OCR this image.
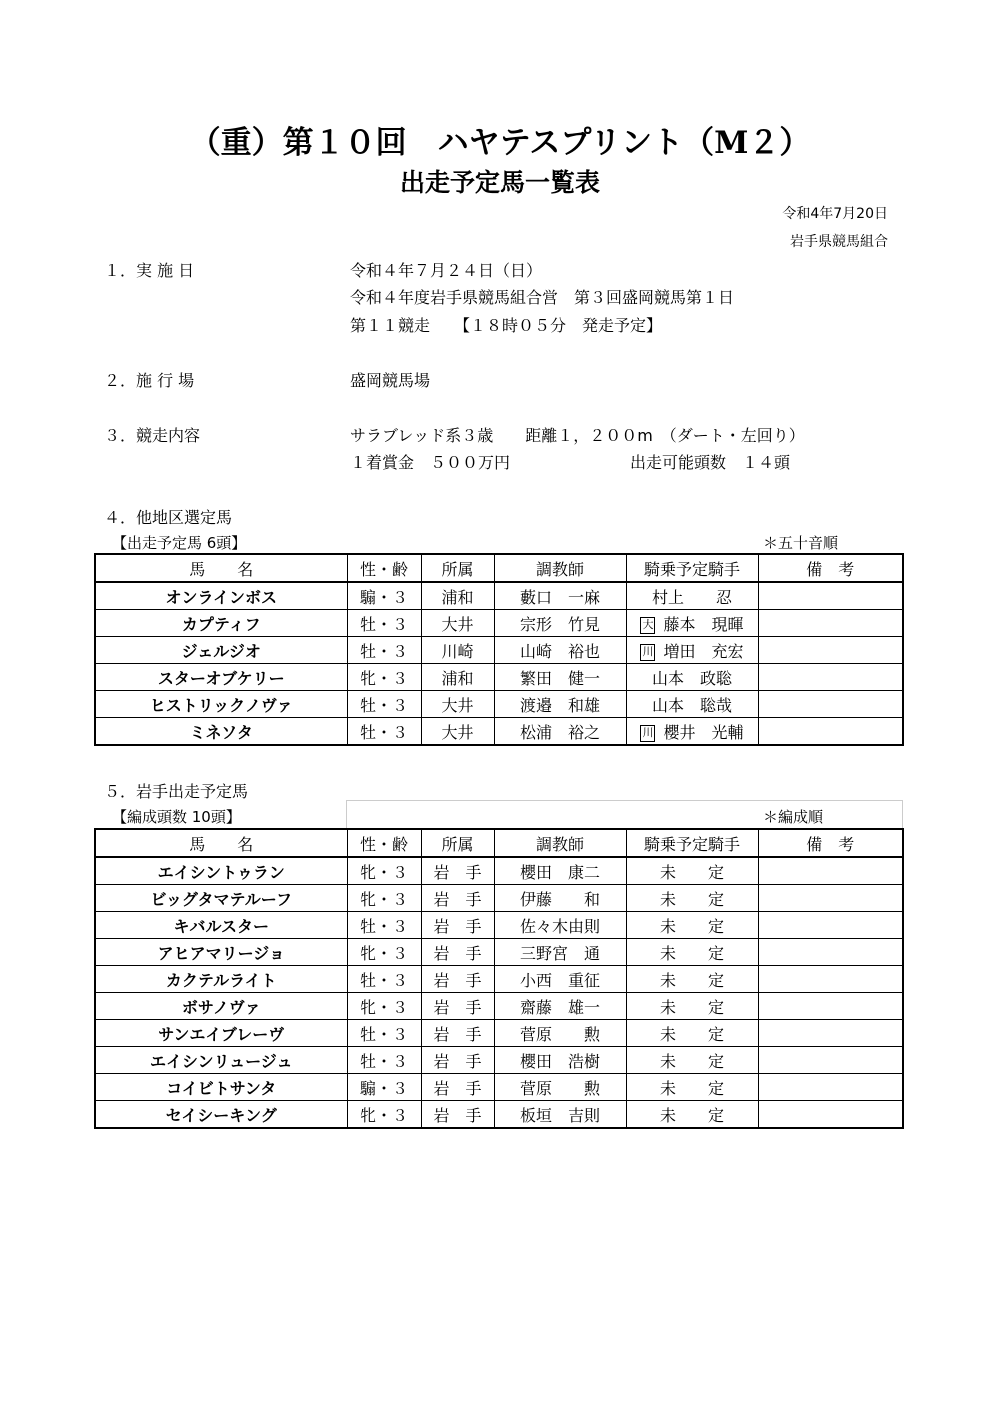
（重）第１０回　ハヤテスプリント（M２）
出走予定馬一覧表
令和4年7月20日
岩手県競馬組合
１．実 施 日	令和４年７月２４日（日）
令和４年度岩手県競馬組合営　第３回盛岡競馬第１日
第１１競走　　【１８時０５分　発走予定】
２．施 行 場	盛岡競馬場
３．競走内容	サラブレッド系３歳　　距離１，２００m　（ダート・左回り）
１着賞金　５００万円	出走可能頭数　１４頭
４．他地区選定馬
【出走予定馬 6頭】	＊五十音順
馬　　名	性・齢	所属	調教師	騎乗予定騎手	備　考
オンラインボス	騸・３	浦和	藪口　一麻	村上　　忍	
カプティフ	牡・３	大井	宗形　竹見	大 藤本　現暉	
ジェルジオ	牡・３	川崎	山崎　裕也	川 増田　充宏	
スターオブケリー	牝・３	浦和	繁田　健一	山本　政聡	
ヒストリックノヴァ	牡・３	大井	渡邉　和雄	山本　聡哉	
ミネソタ	牡・３	大井	松浦　裕之	川 櫻井　光輔	
５．岩手出走予定馬
【編成頭数 10頭】	＊編成順
馬　　名	性・齢	所属	調教師	騎乗予定騎手	備　考
エイシントゥラン	牝・３	岩　手	櫻田　康二	未　　定	
ビッグタマテルーフ	牝・３	岩　手	伊藤　　和	未　　定	
キバルスター	牡・３	岩　手	佐々木由則	未　　定	
アヒアマリージョ	牝・３	岩　手	三野宮　通	未　　定	
カクテルライト	牡・３	岩　手	小西　重征	未　　定	
ボサノヴァ	牝・３	岩　手	齋藤　雄一	未　　定	
サンエイブレーヴ	牡・３	岩　手	菅原　　勲	未　　定	
エイシンリュージュ	牡・３	岩　手	櫻田　浩樹	未　　定	
コイビトサンタ	騸・３	岩　手	菅原　　勲	未　　定	
セイシーキング	牝・３	岩　手	板垣　吉則	未　　定	
